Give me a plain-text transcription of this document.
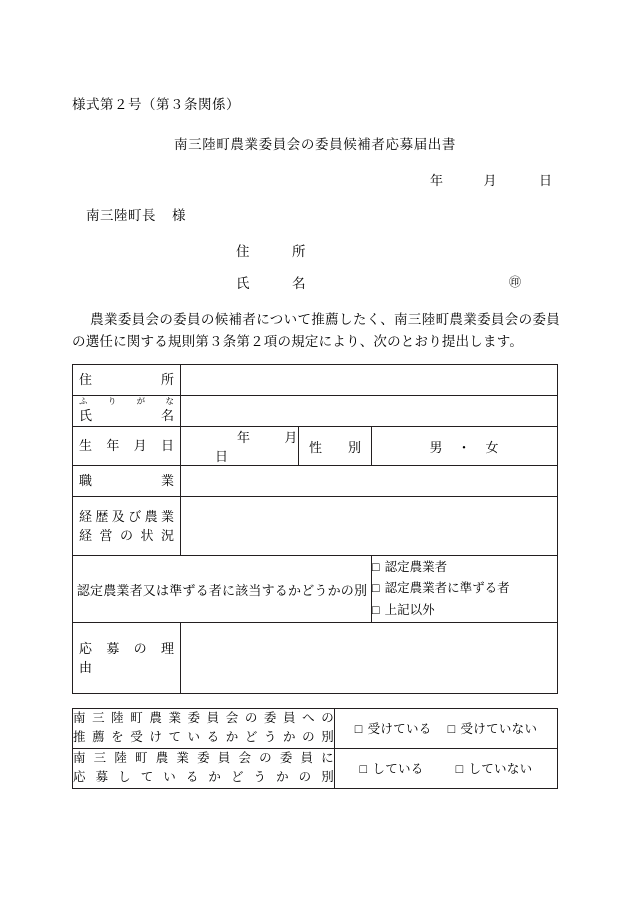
様式第２号（第３条関係）
南三陸町農業委員会の委員候補者応募届出書
年	月	日
南三陸町長 様
住　　　所
氏　　　名	㊞
農業委員会の委員の候補者について推薦したく、南三陸町農業委員会の委員の選任に関する規則第３条第２項の規定により、次のとおり提出します。
住　　　　所			

ふ　り　が　な
氏　　　　名			

生　年　月　日	年 月日	性　　別	男 ・ 女

職　　　　業			

経 歴 及 び 農 業
経 営 の 状 況			

認定農業者又は準ずる者に該当するかどうかの別			□ 認定農業者
□ 認定農業者に準ずる者
□ 上記以外

応　募　の　理　由			

南 三 陸 町 農 業 委 員 会 の 委 員 へ の
推 薦 を 受 け て い る か ど う か の 別	□ 受けている □ 受けていない

南 三 陸 町 農 業 委 員 会 の 委 員 に
応 募 し て い る か ど う か の 別	□ している □ していない
